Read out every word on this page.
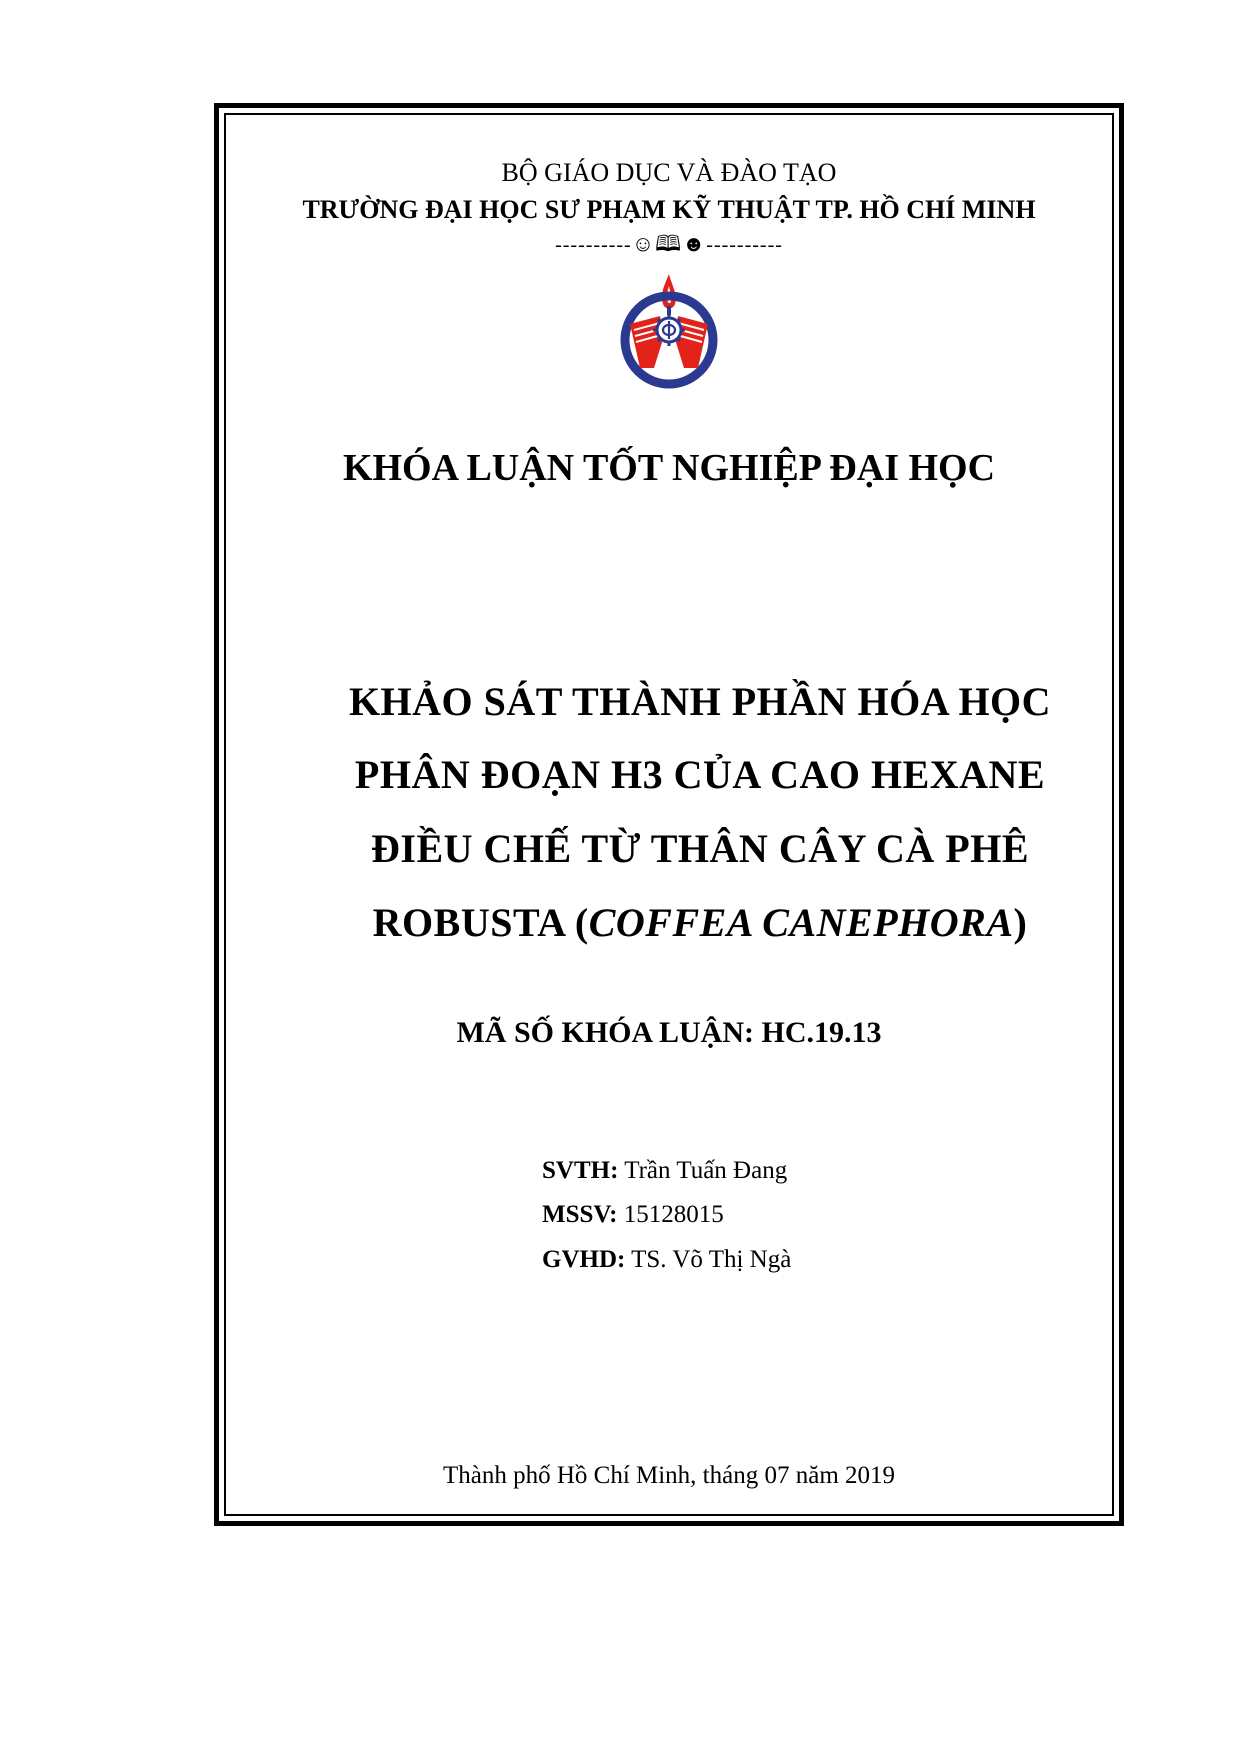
BỘ GIÁO DỤC VÀ ĐÀO TẠO
TRƯỜNG ĐẠI HỌC SƯ PHẠM KỸ THUẬT TP. HỒ CHÍ MINH
----------☺🕮☻----------
KHÓA LUẬN TỐT NGHIỆP ĐẠI HỌC
KHẢO SÁT THÀNH PHẦN HÓA HỌC
PHÂN ĐOẠN H3 CỦA CAO HEXANE
ĐIỀU CHẾ TỪ THÂN CÂY CÀ PHÊ
ROBUSTA (COFFEA CANEPHORA)
MÃ SỐ KHÓA LUẬN: HC.19.13
SVTH: Trần Tuấn Đang
MSSV: 15128015
GVHD: TS. Võ Thị Ngà
Thành phố Hồ Chí Minh, tháng 07 năm 2019
